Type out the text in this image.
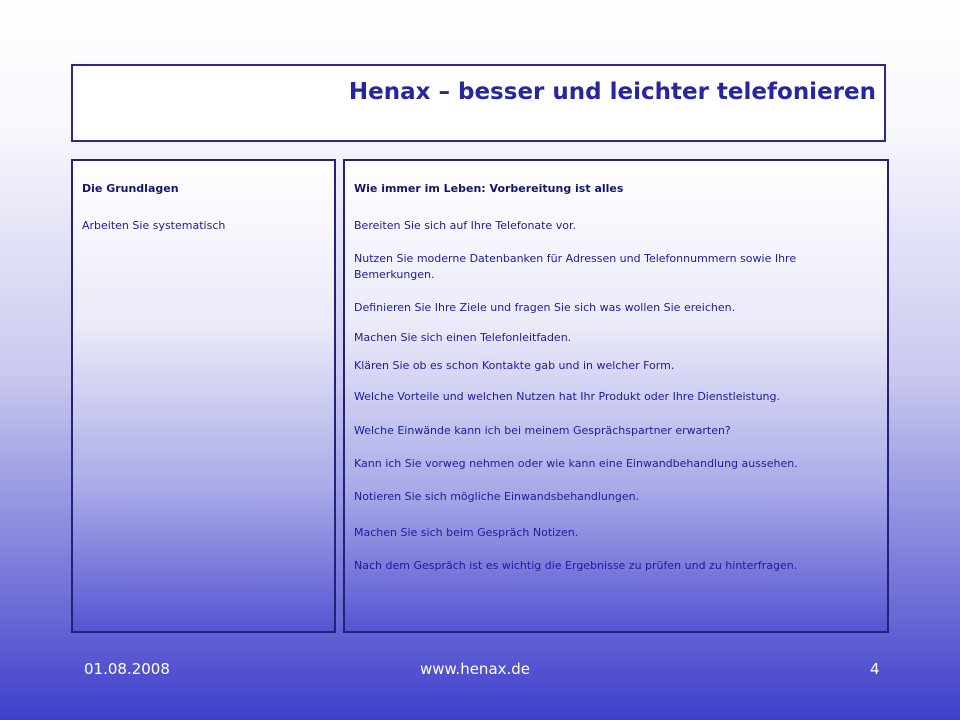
Henax – besser und leichter telefonieren

Die Grundlagen

Arbeiten Sie systematisch

Wie immer im Leben: Vorbereitung ist alles

Bereiten Sie sich auf Ihre Telefonate vor.

Nutzen Sie moderne Datenbanken für Adressen und Telefonnummern sowie Ihre Bemerkungen.

Definieren Sie Ihre Ziele und fragen Sie sich was wollen Sie ereichen.

Machen Sie sich einen Telefonleitfaden.

Klären Sie ob es schon Kontakte gab und in welcher Form.

Welche Vorteile und welchen Nutzen hat Ihr Produkt oder Ihre Dienstleistung.

Welche Einwände kann ich bei meinem Gesprächspartner erwarten?

Kann ich Sie vorweg nehmen oder wie kann eine Einwandbehandlung aussehen.

Notieren Sie sich mögliche Einwandsbehandlungen.

Machen Sie sich beim Gespräch Notizen.

Nach dem Gespräch ist es wichtig die Ergebnisse zu prüfen und zu hinterfragen.

01.08.2008	www.henax.de	4
